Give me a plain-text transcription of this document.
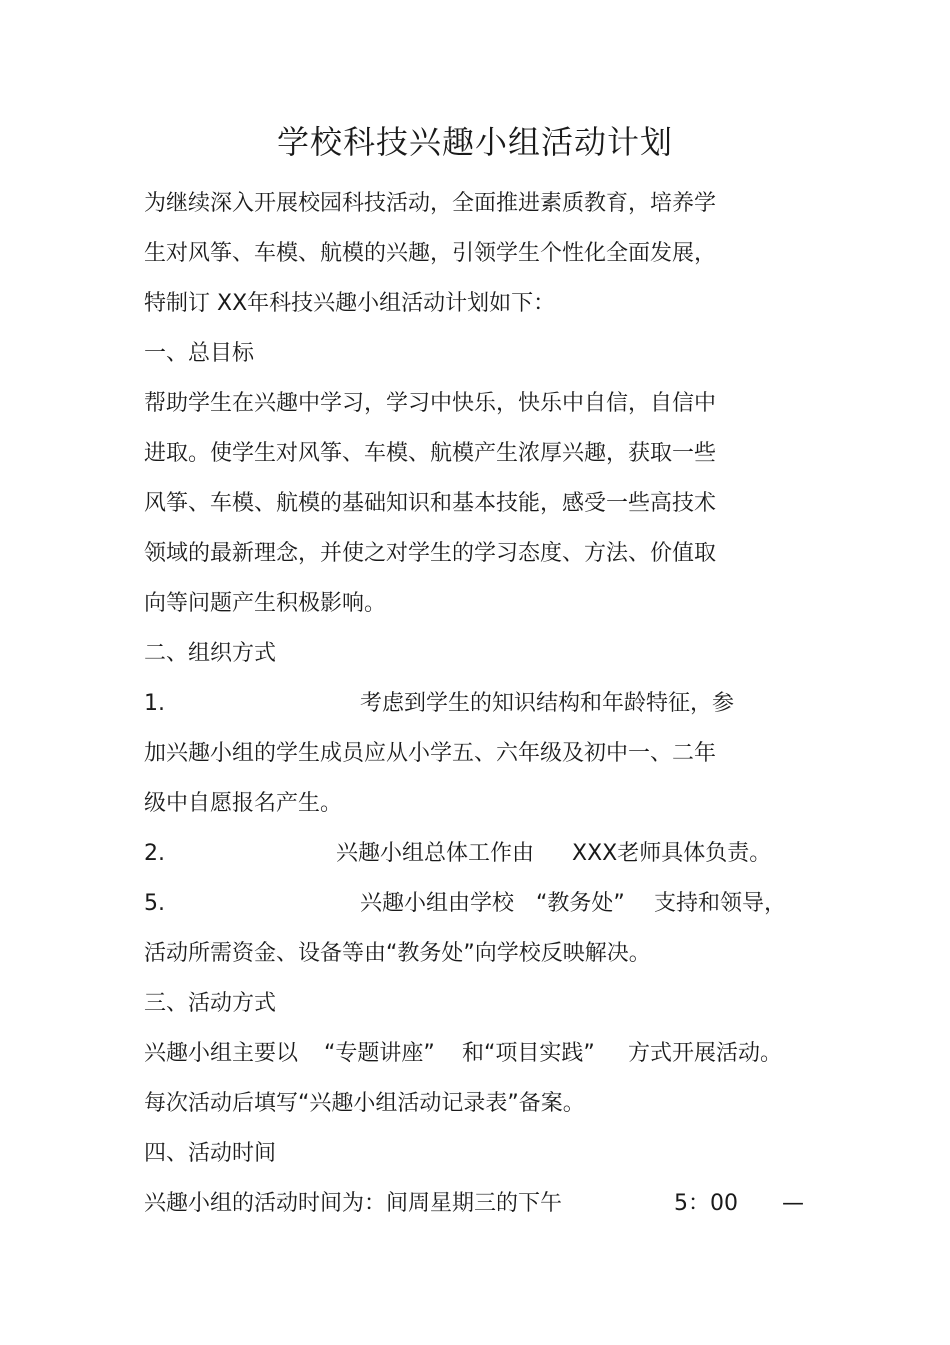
学校科技兴趣小组活动计划
为继续深入开展校园科技活动，全面推进素质教育，培养学
生对风筝、车模、航模的兴趣，引领学生个性化全面发展，
特制订 XX年科技兴趣小组活动计划如下：
一、总目标
帮助学生在兴趣中学习，学习中快乐，快乐中自信，自信中
进取。使学生对风筝、车模、航模产生浓厚兴趣，获取一些
风筝、车模、航模的基础知识和基本技能，感受一些高技术
领域的最新理念，并使之对学生的学习态度、方法、价值取
向等问题产生积极影响。
二、组织方式
1.	考虑到学生的知识结构和年龄特征，参
加兴趣小组的学生成员应从小学五、六年级及初中一、二年
级中自愿报名产生。
2.	兴趣小组总体工作由 XXX老师具体负责。
5.	兴趣小组由学校 “教务处” 支持和领导，
活动所需资金、设备等由“教务处”向学校反映解决。
三、活动方式
兴趣小组主要以 “专题讲座” 和“项目实践” 方式开展活动。
每次活动后填写“兴趣小组活动记录表”备案。
四、活动时间
兴趣小组的活动时间为：间周星期三的下午	5：00 —
